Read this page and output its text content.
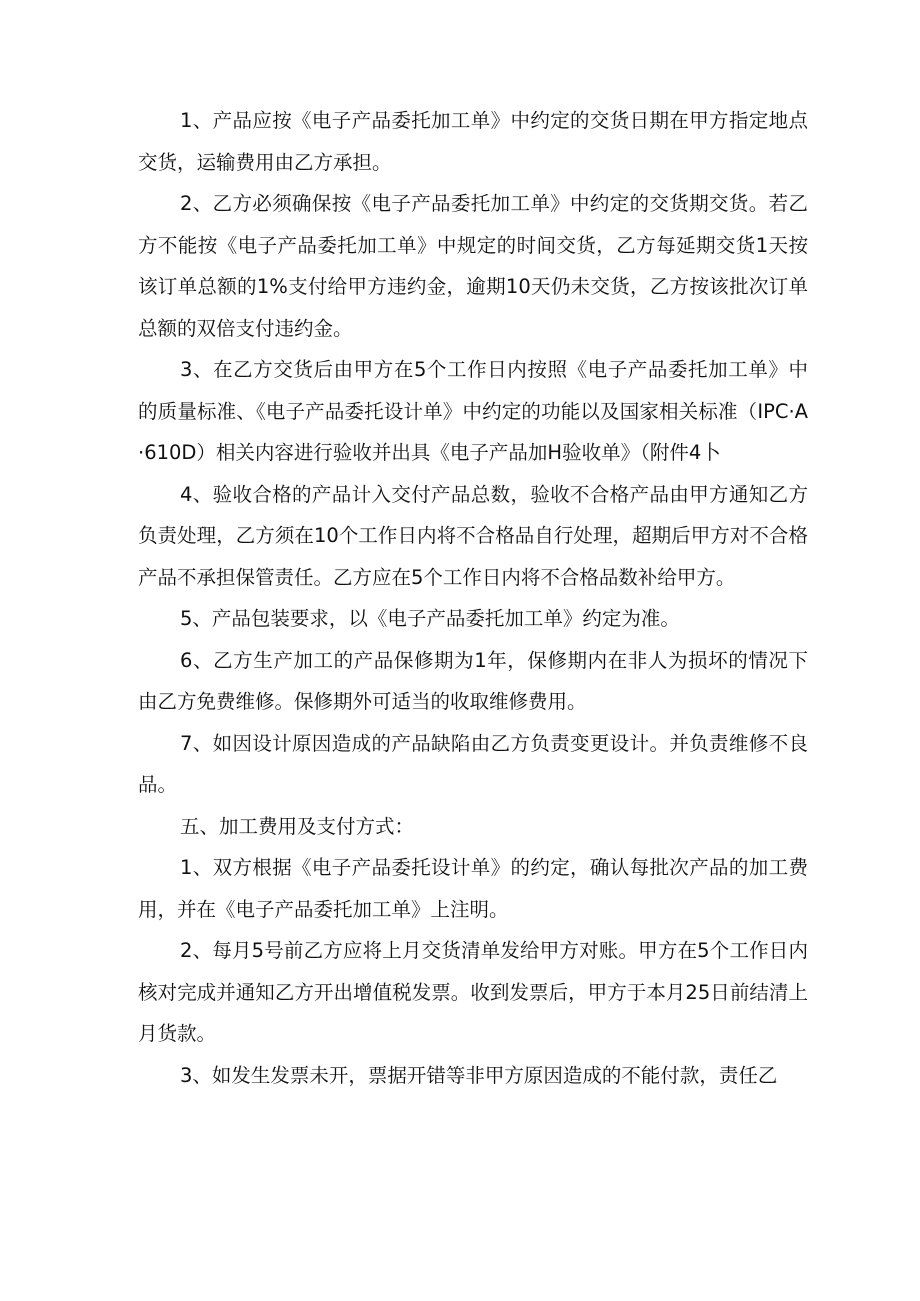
1、产品应按《电子产品委托加工单》中约定的交货日期在甲方指定地点交货，运输费用由乙方承担。

2、乙方必须确保按《电子产品委托加工单》中约定的交货期交货。若乙方不能按《电子产品委托加工单》中规定的时间交货，乙方每延期交货1天按该订单总额的1%支付给甲方违约金，逾期10天仍未交货，乙方按该批次订单总额的双倍支付违约金。

3、在乙方交货后由甲方在5个工作日内按照《电子产品委托加工单》中的质量标准、《电子产品委托设计单》中约定的功能以及国家相关标准（IPC·A·610D）相关内容进行验收并出具《电子产品加H验收单》（附件4卜

4、验收合格的产品计入交付产品总数，验收不合格产品由甲方通知乙方负责处理，乙方须在10个工作日内将不合格品自行处理，超期后甲方对不合格产品不承担保管责任。乙方应在5个工作日内将不合格品数补给甲方。

5、产品包装要求，以《电子产品委托加工单》约定为准。

6、乙方生产加工的产品保修期为1年，保修期内在非人为损坏的情况下由乙方免费维修。保修期外可适当的收取维修费用。

7、如因设计原因造成的产品缺陷由乙方负责变更设计。并负责维修不良品。

五、加工费用及支付方式：

1、双方根据《电子产品委托设计单》的约定，确认每批次产品的加工费用，并在《电子产品委托加工单》上注明。

2、每月5号前乙方应将上月交货清单发给甲方对账。甲方在5个工作日内核对完成并通知乙方开出增值税发票。收到发票后，甲方于本月25日前结清上月货款。

3、如发生发票未开，票据开错等非甲方原因造成的不能付款，责任乙
